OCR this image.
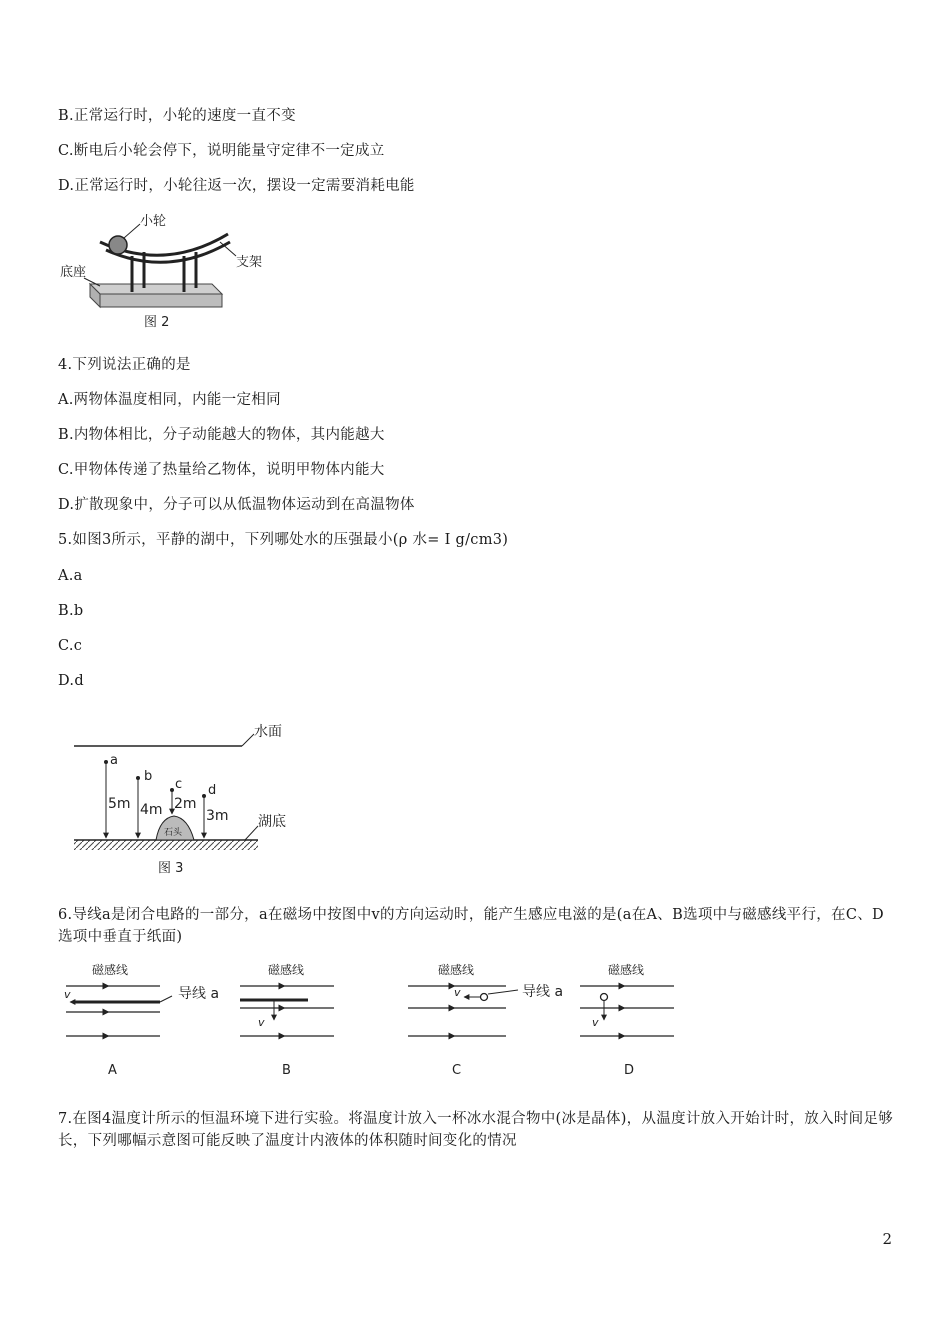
B.正常运行时，小轮的速度一直不变
C.断电后小轮会停下，说明能量守定律不一定成立
D.正常运行时，小轮往返一次，摆设一定需要消耗电能
小轮
支架
底座
图 2
4.下列说法正确的是
A.两物体温度相同，内能一定相同
B.内物体相比，分子动能越大的物体，其内能越大
C.甲物体传递了热量给乙物体，说明甲物体内能大
D.扩散现象中，分子可以从低温物体运动到在高温物体
5.如图3所示，平静的湖中，下列哪处水的压强最小(ρ 水= I g/cm3)
A.a
B.b
C.c
D.d
水面
湖底
石头
a
5m
b
4m
c
2m
d
3m
图 3
6.导线a是闭合电路的一部分，a在磁场中按图中v的方向运动时，能产生感应电滋的是(a在A、B选项中与磁感线平行，在C、D选项中垂直于纸面)
磁感线
v
A
导线 a
磁感线
v
B
磁感线
v	导线 a
C
磁感线
v
D
7.在图4温度计所示的恒温环境下进行实验。将温度计放入一杯冰水混合物中(冰是晶体)，从温度计放入开始计时，放入时间足够长，下列哪幅示意图可能反映了温度计内液体的体积随时间变化的情况
2
